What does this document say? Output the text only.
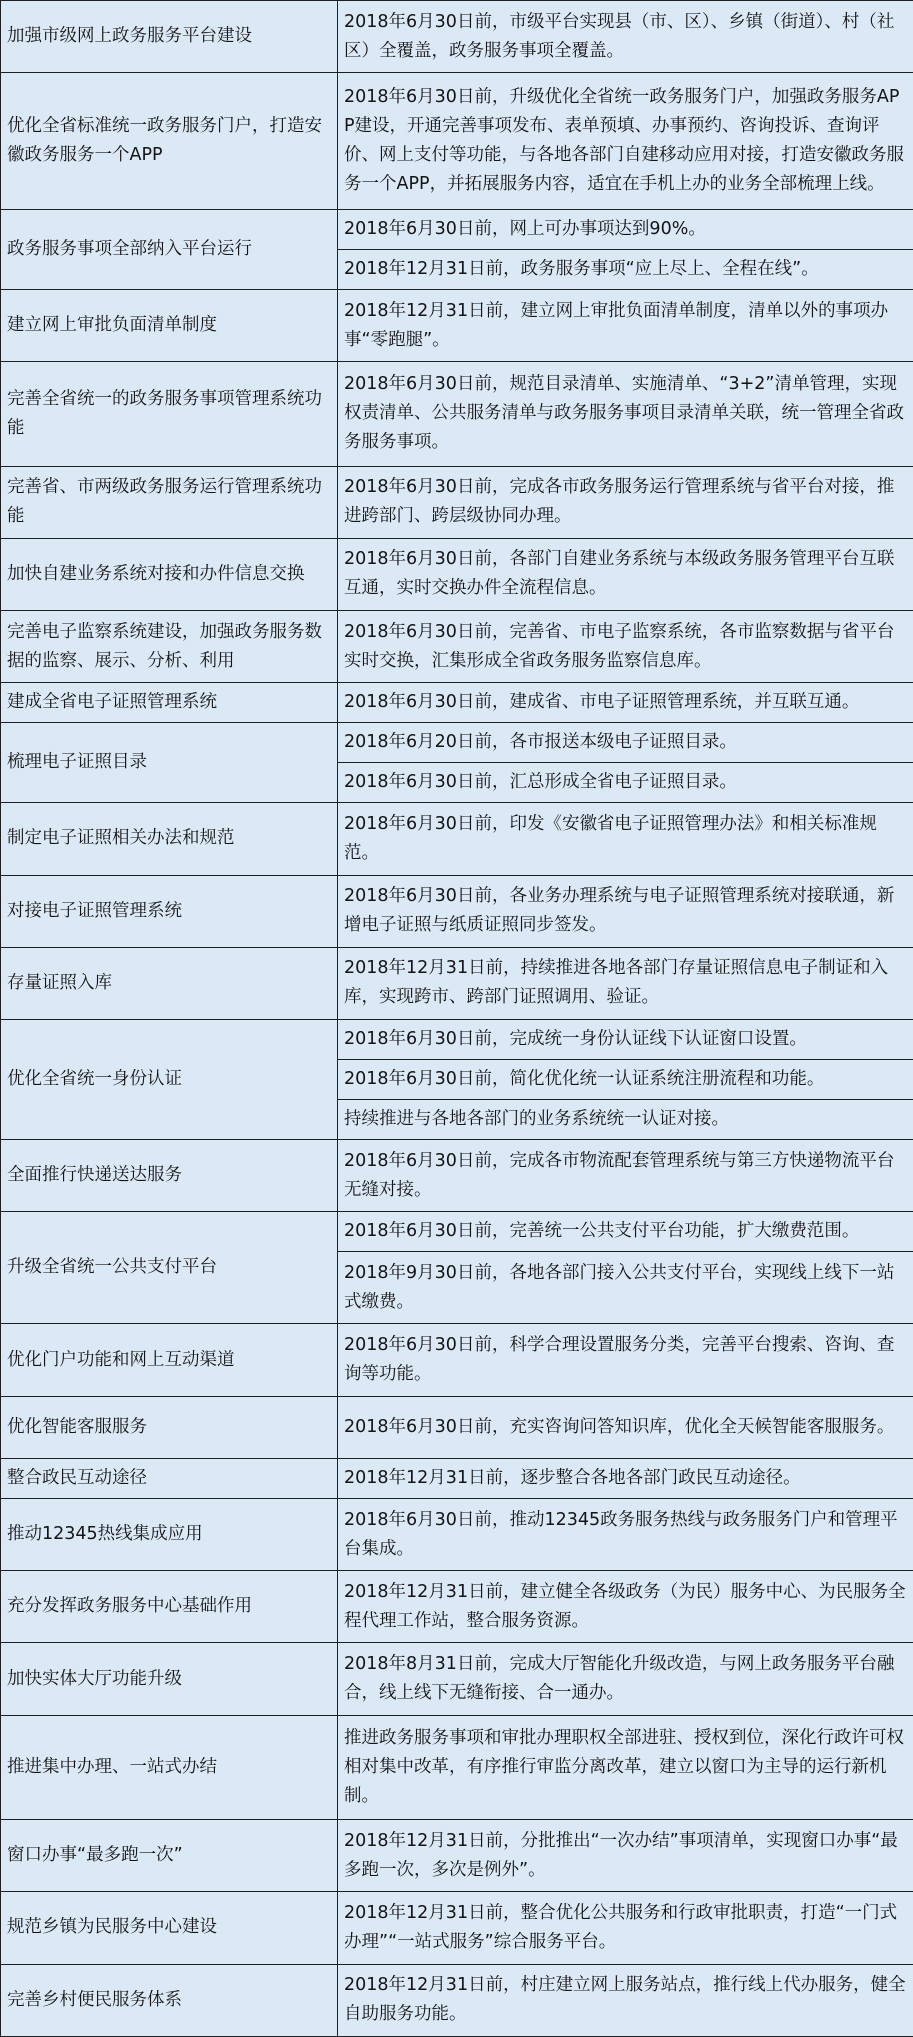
加强市级网上政务服务平台建设	2018年6月30日前，市级平台实现县（市、区）、乡镇（街道）、村（社区）全覆盖，政务服务事项全覆盖。
优化全省标准统一政务服务门户，打造安徽政务服务一个APP	2018年6月30日前，升级优化全省统一政务服务门户，加强政务服务APP建设，开通完善事项发布、表单预填、办事预约、咨询投诉、查询评价、网上支付等功能，与各地各部门自建移动应用对接，打造安徽政务服务一个APP，并拓展服务内容，适宜在手机上办的业务全部梳理上线。
政务服务事项全部纳入平台运行	2018年6月30日前，网上可办事项达到90%。
	2018年12月31日前，政务服务事项“应上尽上、全程在线”。
建立网上审批负面清单制度	2018年12月31日前，建立网上审批负面清单制度，清单以外的事项办事“零跑腿”。
完善全省统一的政务服务事项管理系统功能	2018年6月30日前，规范目录清单、实施清单、“3+2”清单管理，实现权责清单、公共服务清单与政务服务事项目录清单关联，统一管理全省政务服务事项。
完善省、市两级政务服务运行管理系统功能	2018年6月30日前，完成各市政务服务运行管理系统与省平台对接，推进跨部门、跨层级协同办理。
加快自建业务系统对接和办件信息交换	2018年6月30日前，各部门自建业务系统与本级政务服务管理平台互联互通，实时交换办件全流程信息。
完善电子监察系统建设，加强政务服务数据的监察、展示、分析、利用	2018年6月30日前，完善省、市电子监察系统，各市监察数据与省平台实时交换，汇集形成全省政务服务监察信息库。
建成全省电子证照管理系统	2018年6月30日前，建成省、市电子证照管理系统，并互联互通。
梳理电子证照目录	2018年6月20日前，各市报送本级电子证照目录。
	2018年6月30日前，汇总形成全省电子证照目录。
制定电子证照相关办法和规范	2018年6月30日前，印发《安徽省电子证照管理办法》和相关标准规范。
对接电子证照管理系统	2018年6月30日前，各业务办理系统与电子证照管理系统对接联通，新增电子证照与纸质证照同步签发。
存量证照入库	2018年12月31日前，持续推进各地各部门存量证照信息电子制证和入库，实现跨市、跨部门证照调用、验证。
优化全省统一身份认证	2018年6月30日前，完成统一身份认证线下认证窗口设置。
	2018年6月30日前，简化优化统一认证系统注册流程和功能。
	持续推进与各地各部门的业务系统统一认证对接。
全面推行快递送达服务	2018年6月30日前，完成各市物流配套管理系统与第三方快递物流平台无缝对接。
升级全省统一公共支付平台	2018年6月30日前，完善统一公共支付平台功能，扩大缴费范围。
	2018年9月30日前，各地各部门接入公共支付平台，实现线上线下一站式缴费。
优化门户功能和网上互动渠道	2018年6月30日前，科学合理设置服务分类，完善平台搜索、咨询、查询等功能。
优化智能客服服务	2018年6月30日前，充实咨询问答知识库，优化全天候智能客服服务。
整合政民互动途径	2018年12月31日前，逐步整合各地各部门政民互动途径。
推动12345热线集成应用	2018年6月30日前，推动12345政务服务热线与政务服务门户和管理平台集成。
充分发挥政务服务中心基础作用	2018年12月31日前，建立健全各级政务（为民）服务中心、为民服务全程代理工作站，整合服务资源。
加快实体大厅功能升级	2018年8月31日前，完成大厅智能化升级改造，与网上政务服务平台融合，线上线下无缝衔接、合一通办。
推进集中办理、一站式办结	推进政务服务事项和审批办理职权全部进驻、授权到位，深化行政许可权相对集中改革，有序推行审监分离改革，建立以窗口为主导的运行新机制。
窗口办事“最多跑一次”	2018年12月31日前，分批推出“一次办结”事项清单，实现窗口办事“最多跑一次，多次是例外”。
规范乡镇为民服务中心建设	2018年12月31日前，整合优化公共服务和行政审批职责，打造“一门式办理”“一站式服务”综合服务平台。
完善乡村便民服务体系	2018年12月31日前，村庄建立网上服务站点，推行线上代办服务，健全自助服务功能。
